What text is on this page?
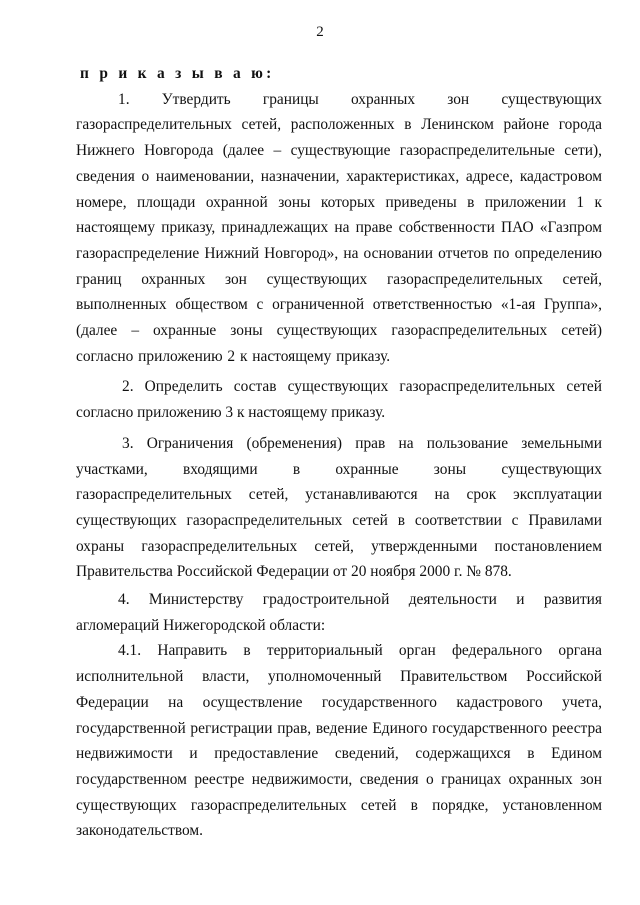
2
п р и к а з ы в а ю:

1. Утвердить границы охранных зон существующих газораспределительных сетей, расположенных в Ленинском районе города Нижнего Новгорода (далее – существующие газораспределительные сети), сведения о наименовании, назначении, характеристиках, адресе, кадастровом номере, площади охранной зоны которых приведены в приложении 1 к настоящему приказу, принадлежащих на праве собственности ПАО «Газпром газораспределение Нижний Новгород», на основании отчетов по определению границ охранных зон существующих газораспределительных сетей, выполненных обществом с ограниченной ответственностью «1-ая Группа», (далее – охранные зоны существующих газораспределительных сетей) согласно приложению 2 к настоящему приказу.

2. Определить состав существующих газораспределительных сетей согласно приложению 3 к настоящему приказу.

3. Ограничения (обременения) прав на пользование земельными участками, входящими в охранные зоны существующих газораспределительных сетей, устанавливаются на срок эксплуатации существующих газораспределительных сетей в соответствии с Правилами охраны газораспределительных сетей, утвержденными постановлением Правительства Российской Федерации от 20 ноября 2000 г. № 878.

4. Министерству градостроительной деятельности и развития агломераций Нижегородской области:

4.1. Направить в территориальный орган федерального органа исполнительной власти, уполномоченный Правительством Российской Федерации на осуществление государственного кадастрового учета, государственной регистрации прав, ведение Единого государственного реестра недвижимости и предоставление сведений, содержащихся в Едином государственном реестре недвижимости, сведения о границах охранных зон существующих газораспределительных сетей в порядке, установленном законодательством.
